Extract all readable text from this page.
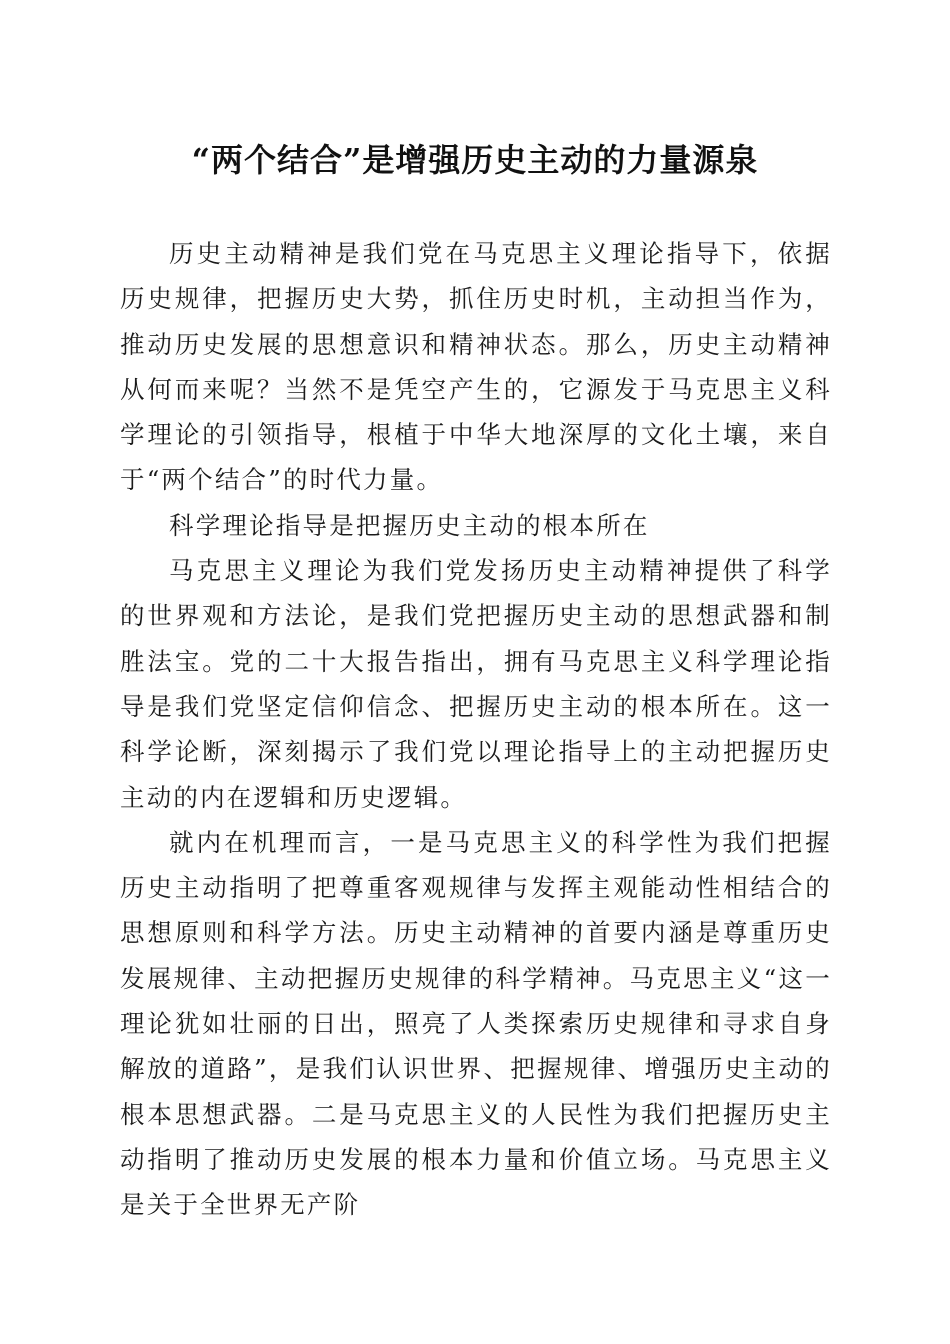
“两个结合”是增强历史主动的力量源泉

历史主动精神是我们党在马克思主义理论指导下，依据历史规律，把握历史大势，抓住历史时机，主动担当作为，推动历史发展的思想意识和精神状态。那么，历史主动精神从何而来呢？当然不是凭空产生的，它源发于马克思主义科学理论的引领指导，根植于中华大地深厚的文化土壤，来自于“两个结合”的时代力量。

科学理论指导是把握历史主动的根本所在

马克思主义理论为我们党发扬历史主动精神提供了科学的世界观和方法论，是我们党把握历史主动的思想武器和制胜法宝。党的二十大报告指出，拥有马克思主义科学理论指导是我们党坚定信仰信念、把握历史主动的根本所在。这一科学论断，深刻揭示了我们党以理论指导上的主动把握历史主动的内在逻辑和历史逻辑。

就内在机理而言，一是马克思主义的科学性为我们把握历史主动指明了把尊重客观规律与发挥主观能动性相结合的思想原则和科学方法。历史主动精神的首要内涵是尊重历史发展规律、主动把握历史规律的科学精神。马克思主义“这一理论犹如壮丽的日出，照亮了人类探索历史规律和寻求自身解放的道路”，是我们认识世界、把握规律、增强历史主动的根本思想武器。二是马克思主义的人民性为我们把握历史主动指明了推动历史发展的根本力量和价值立场。马克思主义是关于全世界无产阶
